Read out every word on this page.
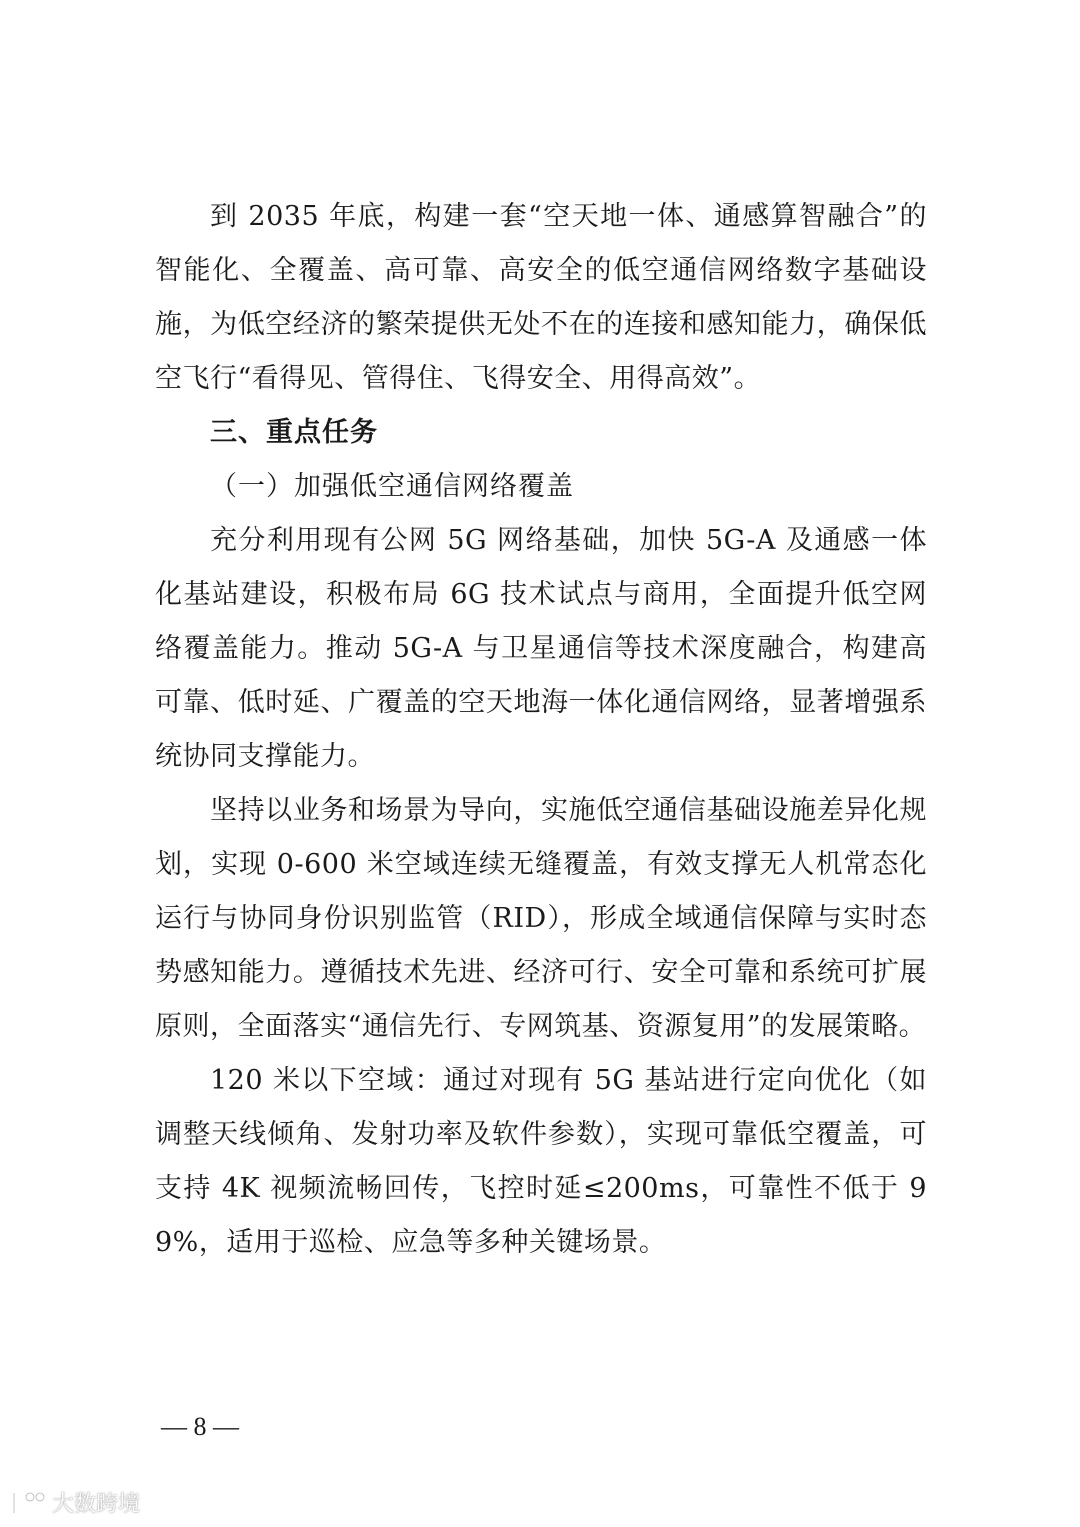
到 2035 年底，构建一套“空天地一体、通感算智融合”的智能化、全覆盖、高可靠、高安全的低空通信网络数字基础设施，为低空经济的繁荣提供无处不在的连接和感知能力，确保低空飞行“看得见、管得住、飞得安全、用得高效”。

三、重点任务

（一）加强低空通信网络覆盖

充分利用现有公网 5G 网络基础，加快 5G-A 及通感一体化基站建设，积极布局 6G 技术试点与商用，全面提升低空网络覆盖能力。推动 5G-A 与卫星通信等技术深度融合，构建高可靠、低时延、广覆盖的空天地海一体化通信网络，显著增强系统协同支撑能力。

坚持以业务和场景为导向，实施低空通信基础设施差异化规划，实现 0-600 米空域连续无缝覆盖，有效支撑无人机常态化运行与协同身份识别监管（RID），形成全域通信保障与实时态势感知能力。遵循技术先进、经济可行、安全可靠和系统可扩展原则，全面落实“通信先行、专网筑基、资源复用”的发展策略。

120 米以下空域：通过对现有 5G 基站进行定向优化（如调整天线倾角、发射功率及软件参数），实现可靠低空覆盖，可支持 4K 视频流畅回传，飞控时延≤200ms，可靠性不低于 99%，适用于巡检、应急等多种关键场景。

— 8 —
大数跨境
